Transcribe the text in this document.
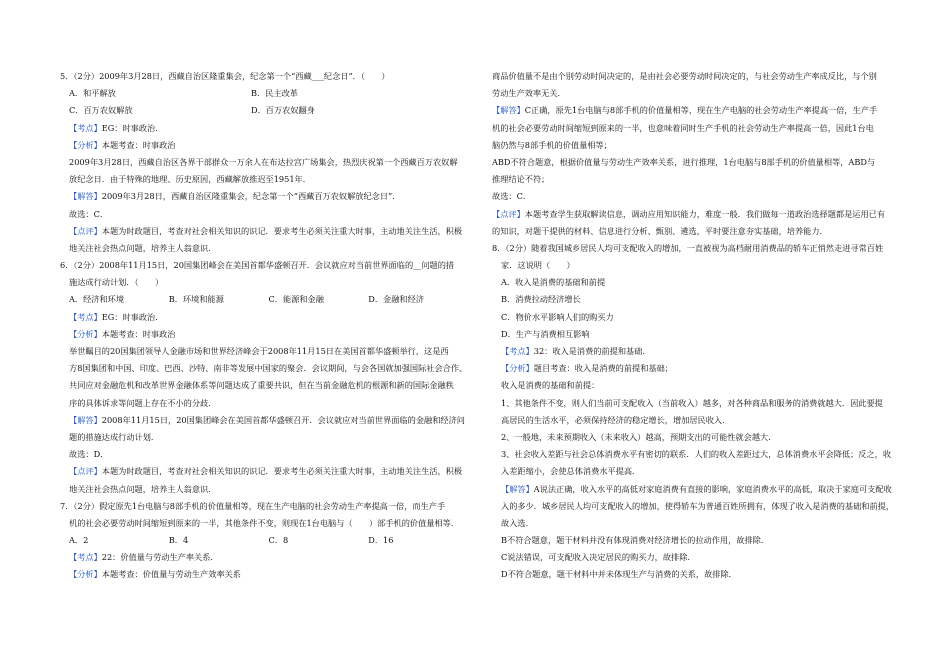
5．（2分）2009年3月28日，西藏自治区隆重集会，纪念第一个“西藏___纪念日”．（　　）
A．和平解放	B．民主改革
C．百万农奴解放	D．百万农奴翻身
【考点】EG：时事政治．
【分析】本题考查：时事政治
2009年3月28日，西藏自治区各界干部群众一万余人在布达拉宫广场集会，热烈庆祝第一个西藏百万农奴解
放纪念日．由于特殊的地理、历史原因，西藏解放推迟至1951年．
【解答】2009年3月28日，西藏自治区隆重集会，纪念第一个“西藏百万农奴解放纪念日”．
故选：C．
【点评】本题为时政题目，考查对社会相关知识的识记．要求考生必须关注重大时事，主动地关注生活，积极
地关注社会热点问题，培养主人翁意识．
6．（2分）2008年11月15日，20国集团峰会在美国首都华盛顿召开．会议就应对当前世界面临的__问题的措
施达成行动计划．（　　）
A．经济和环境	B．环境和能源	C．能源和金融	D．金融和经济
【考点】EG：时事政治．
【分析】本题考查：时事政治
举世瞩目的20国集团领导人金融市场和世界经济峰会于2008年11月15日在美国首都华盛顿举行，这是西
方8国集团和中国、印度、巴西、沙特、南非等发展中国家的聚会．会议期间，与会各国就加强国际社会合作、
共同应对金融危机和改革世界金融体系等问题达成了重要共识，但在当前金融危机的根源和新的国际金融秩
序的具体诉求等问题上存在不小的分歧．
【解答】2008年11月15日，20国集团峰会在美国首都华盛顿召开．会议就应对当前世界面临的金融和经济问
题的措施达成行动计划．
故选：D．
【点评】本题为时政题目，考查对社会相关知识的识记．要求考生必须关注重大时事，主动地关注生活，积极
地关注社会热点问题，培养主人翁意识．
7．（2分）假定原先1台电脑与8部手机的价值量相等，现在生产电脑的社会劳动生产率提高一倍，而生产手
机的社会必要劳动时间缩短到原来的一半，其他条件不变，则现在1台电脑与（　　）部手机的价值量相等．
A．2	B．4	C．8	D．16
【考点】22：价值量与劳动生产率关系．
【分析】本题考查：价值量与劳动生产效率关系
商品价值量不是由个别劳动时间决定的，是由社会必要劳动时间决定的，与社会劳动生产率成反比，与个别
劳动生产效率无关．
【解答】C正确，原先1台电脑与8部手机的价值量相等，现在生产电脑的社会劳动生产率提高一倍，生产手
机的社会必要劳动时间缩短到原来的一半，也意味着同时生产手机的社会劳动生产率提高一倍，因此1台电
脑仍然与8部手机的价值量相等；
ABD不符合题意，根据价值量与劳动生产效率关系，进行推理，1台电脑与8部手机的价值量相等，ABD与
推理结论不符；
故选：C．
【点评】本题考查学生获取解读信息，调动应用知识能力，难度一般．我们做每一道政治选择题都是运用已有
的知识，对题干提供的材料、信息进行分析、甄别、遴选，平时要注意夯实基础，培养能力．
8．（2分）随着我国城乡居民人均可支配收入的增加，一直被视为高档耐用消费品的轿车正悄然走进寻常百姓
家．这说明（　　）
A．收入是消费的基础和前提
B．消费拉动经济增长
C．物价水平影响人们的购买力
D．生产与消费相互影响
【考点】32：收入是消费的前提和基础．
【分析】题目考查：收入是消费的前提和基础；
收入是消费的基础和前提：
1、其他条件不变，则人们当前可支配收入（当前收入）越多，对各种商品和服务的消费就越大．因此要提
高居民的生活水平，必须保持经济的稳定增长，增加居民收入．
2、一般地，未来预期收入（未来收入）越高，预期支出的可能性就会越大．
3、社会收入差距与社会总体消费水平有密切的联系．人们的收入差距过大，总体消费水平会降低；反之，收
入差距缩小，会使总体消费水平提高．
【解答】A说法正确，收入水平的高低对家庭消费有直接的影响，家庭消费水平的高低，取决于家庭可支配收
入的多少．城乡居民人均可支配收入的增加，使得轿车为普通百姓所拥有，体现了收入是消费的基础和前提，
故入选．
B不符合题意，题干材料并没有体现消费对经济增长的拉动作用，故排除．
C说法错误，可支配收入决定居民的购买力，故排除．
D不符合题意，题干材料中并未体现生产与消费的关系，故排除．
